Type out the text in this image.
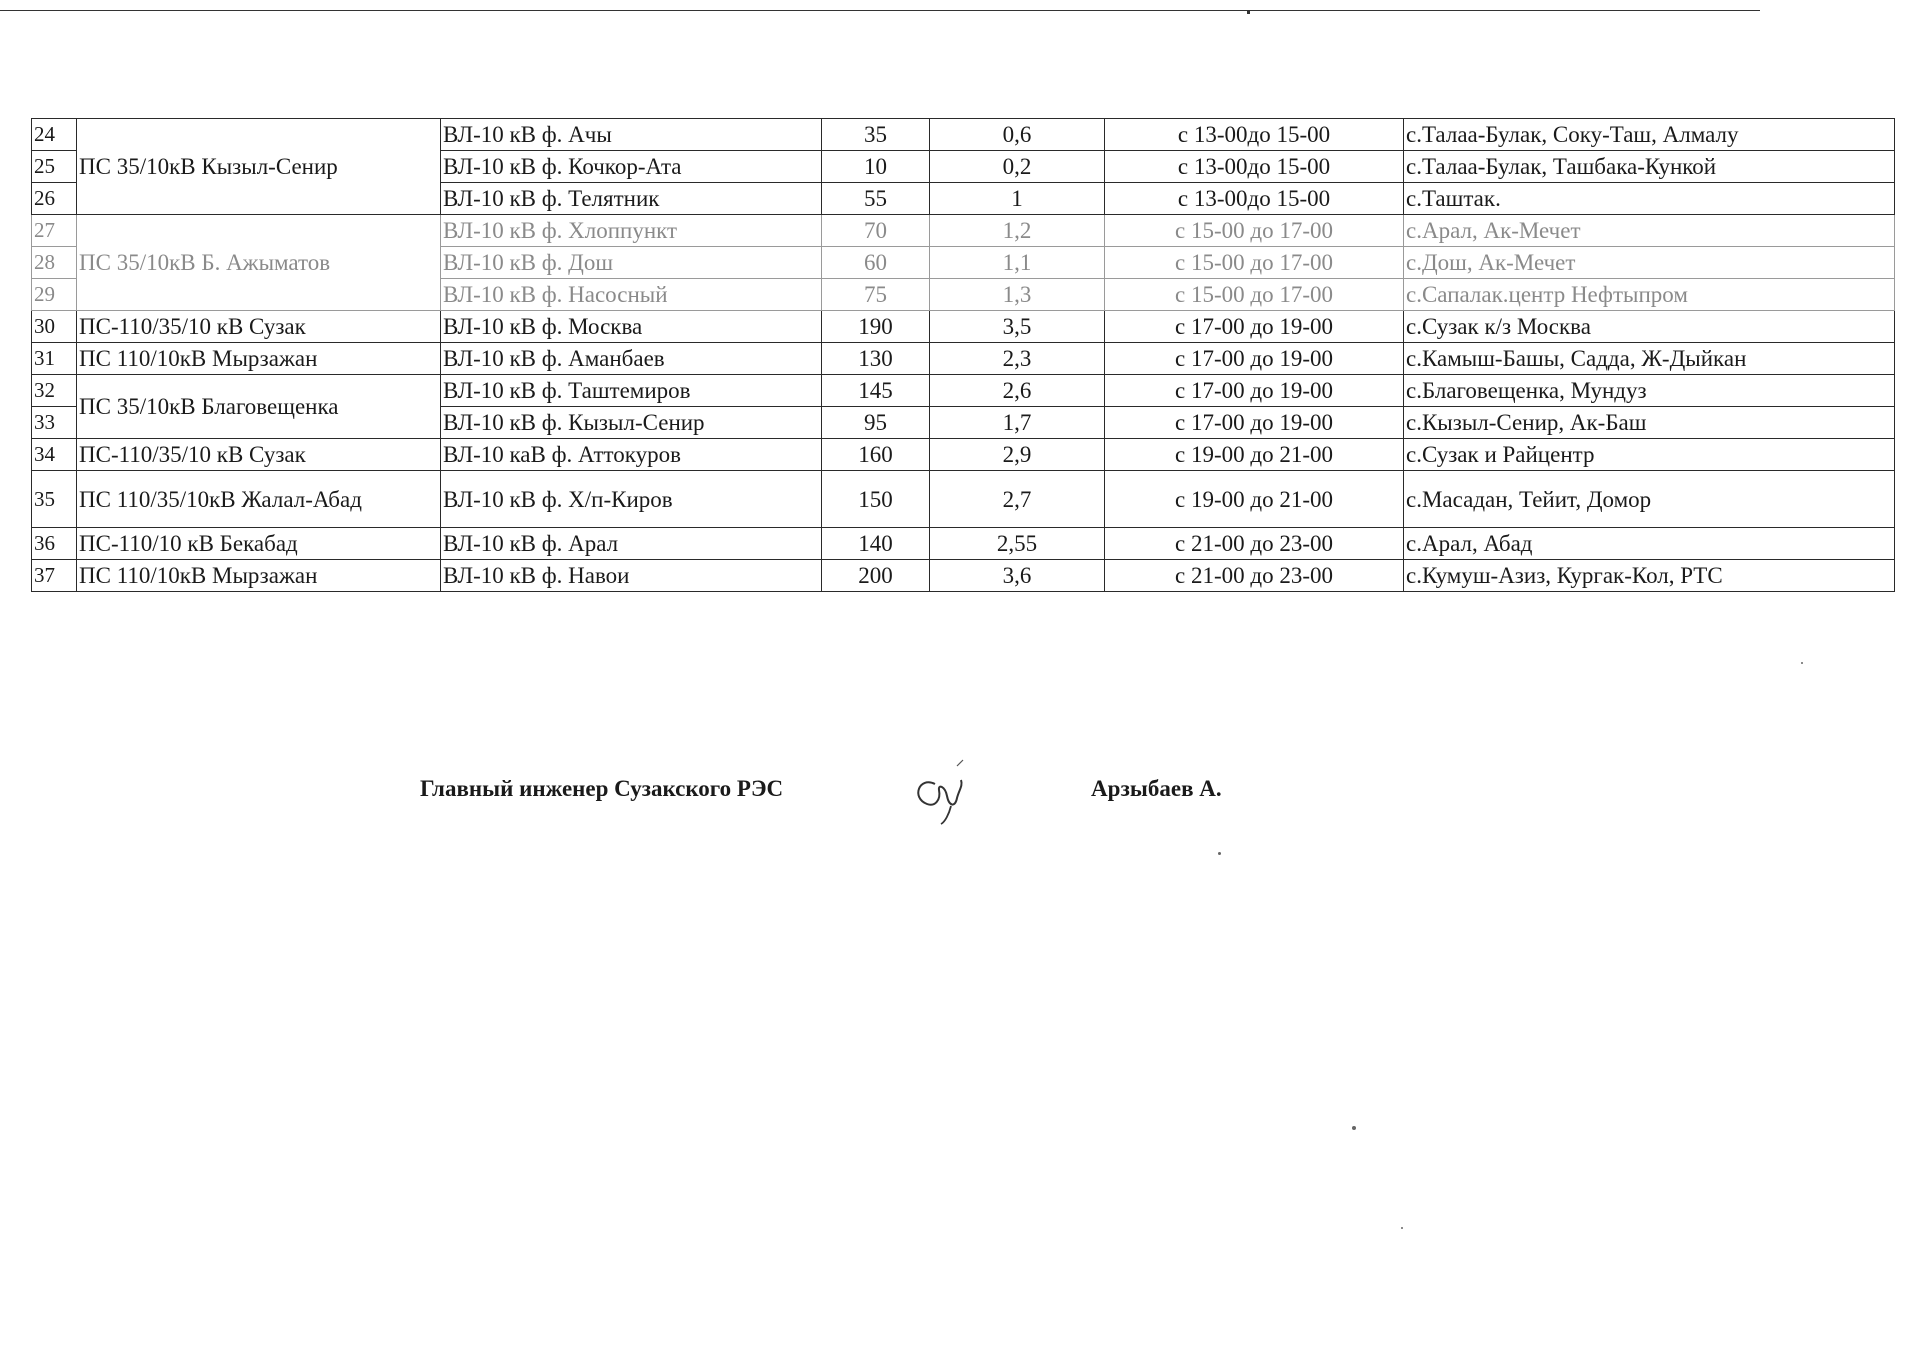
24	ПС 35/10кВ Кызыл-Сенир	ВЛ-10 кВ ф. Ачы	35	0,6	с 13-00до 15-00	с.Талаа-Булак, Соку-Таш, Алмалу
25		ВЛ-10 кВ ф. Кочкор-Ата	10	0,2	с 13-00до 15-00	с.Талаа-Булак, Ташбака-Кункой
26		ВЛ-10 кВ ф. Телятник	55	1	с 13-00до 15-00	с.Таштак.
27	ПС 35/10кВ Б. Ажыматов	ВЛ-10 кВ ф. Хлоппункт	70	1,2	с 15-00 до 17-00	с.Арал, Ак-Мечет
28		ВЛ-10 кВ ф. Дош	60	1,1	с 15-00 до 17-00	с.Дош, Ак-Мечет
29		ВЛ-10 кВ ф. Насосный	75	1,3	с 15-00 до 17-00	с.Сапалак.центр Нефтыпром
30	ПС-110/35/10 кВ Сузак	ВЛ-10 кВ ф. Москва	190	3,5	с 17-00 до 19-00	с.Сузак к/з Москва
31	ПС 110/10кВ Мырзажан	ВЛ-10 кВ ф. Аманбаев	130	2,3	с 17-00 до 19-00	с.Камыш-Башы, Садда, Ж-Дыйкан
32	ПС 35/10кВ Благовещенка	ВЛ-10 кВ ф. Таштемиров	145	2,6	с 17-00 до 19-00	с.Благовещенка, Мундуз
33		ВЛ-10 кВ ф. Кызыл-Сенир	95	1,7	с 17-00 до 19-00	с.Кызыл-Сенир, Ак-Баш
34	ПС-110/35/10 кВ Сузак	ВЛ-10 каВ ф. Аттокуров	160	2,9	с 19-00 до 21-00	с.Сузак и Райцентр
35	ПС 110/35/10кВ Жалал-Абад	ВЛ-10 кВ ф. Х/п-Киров	150	2,7	с 19-00 до 21-00	с.Масадан, Тейит, Домор
36	ПС-110/10 кВ Бекабад	ВЛ-10 кВ ф. Арал	140	2,55	с 21-00 до 23-00	с.Арал, Абад
37	ПС 110/10кВ Мырзажан	ВЛ-10 кВ ф. Навои	200	3,6	с 21-00 до 23-00	с.Кумуш-Азиз, Кургак-Кол, РТС
Главный инженер Сузакского РЭС	Арзыбаев А.
